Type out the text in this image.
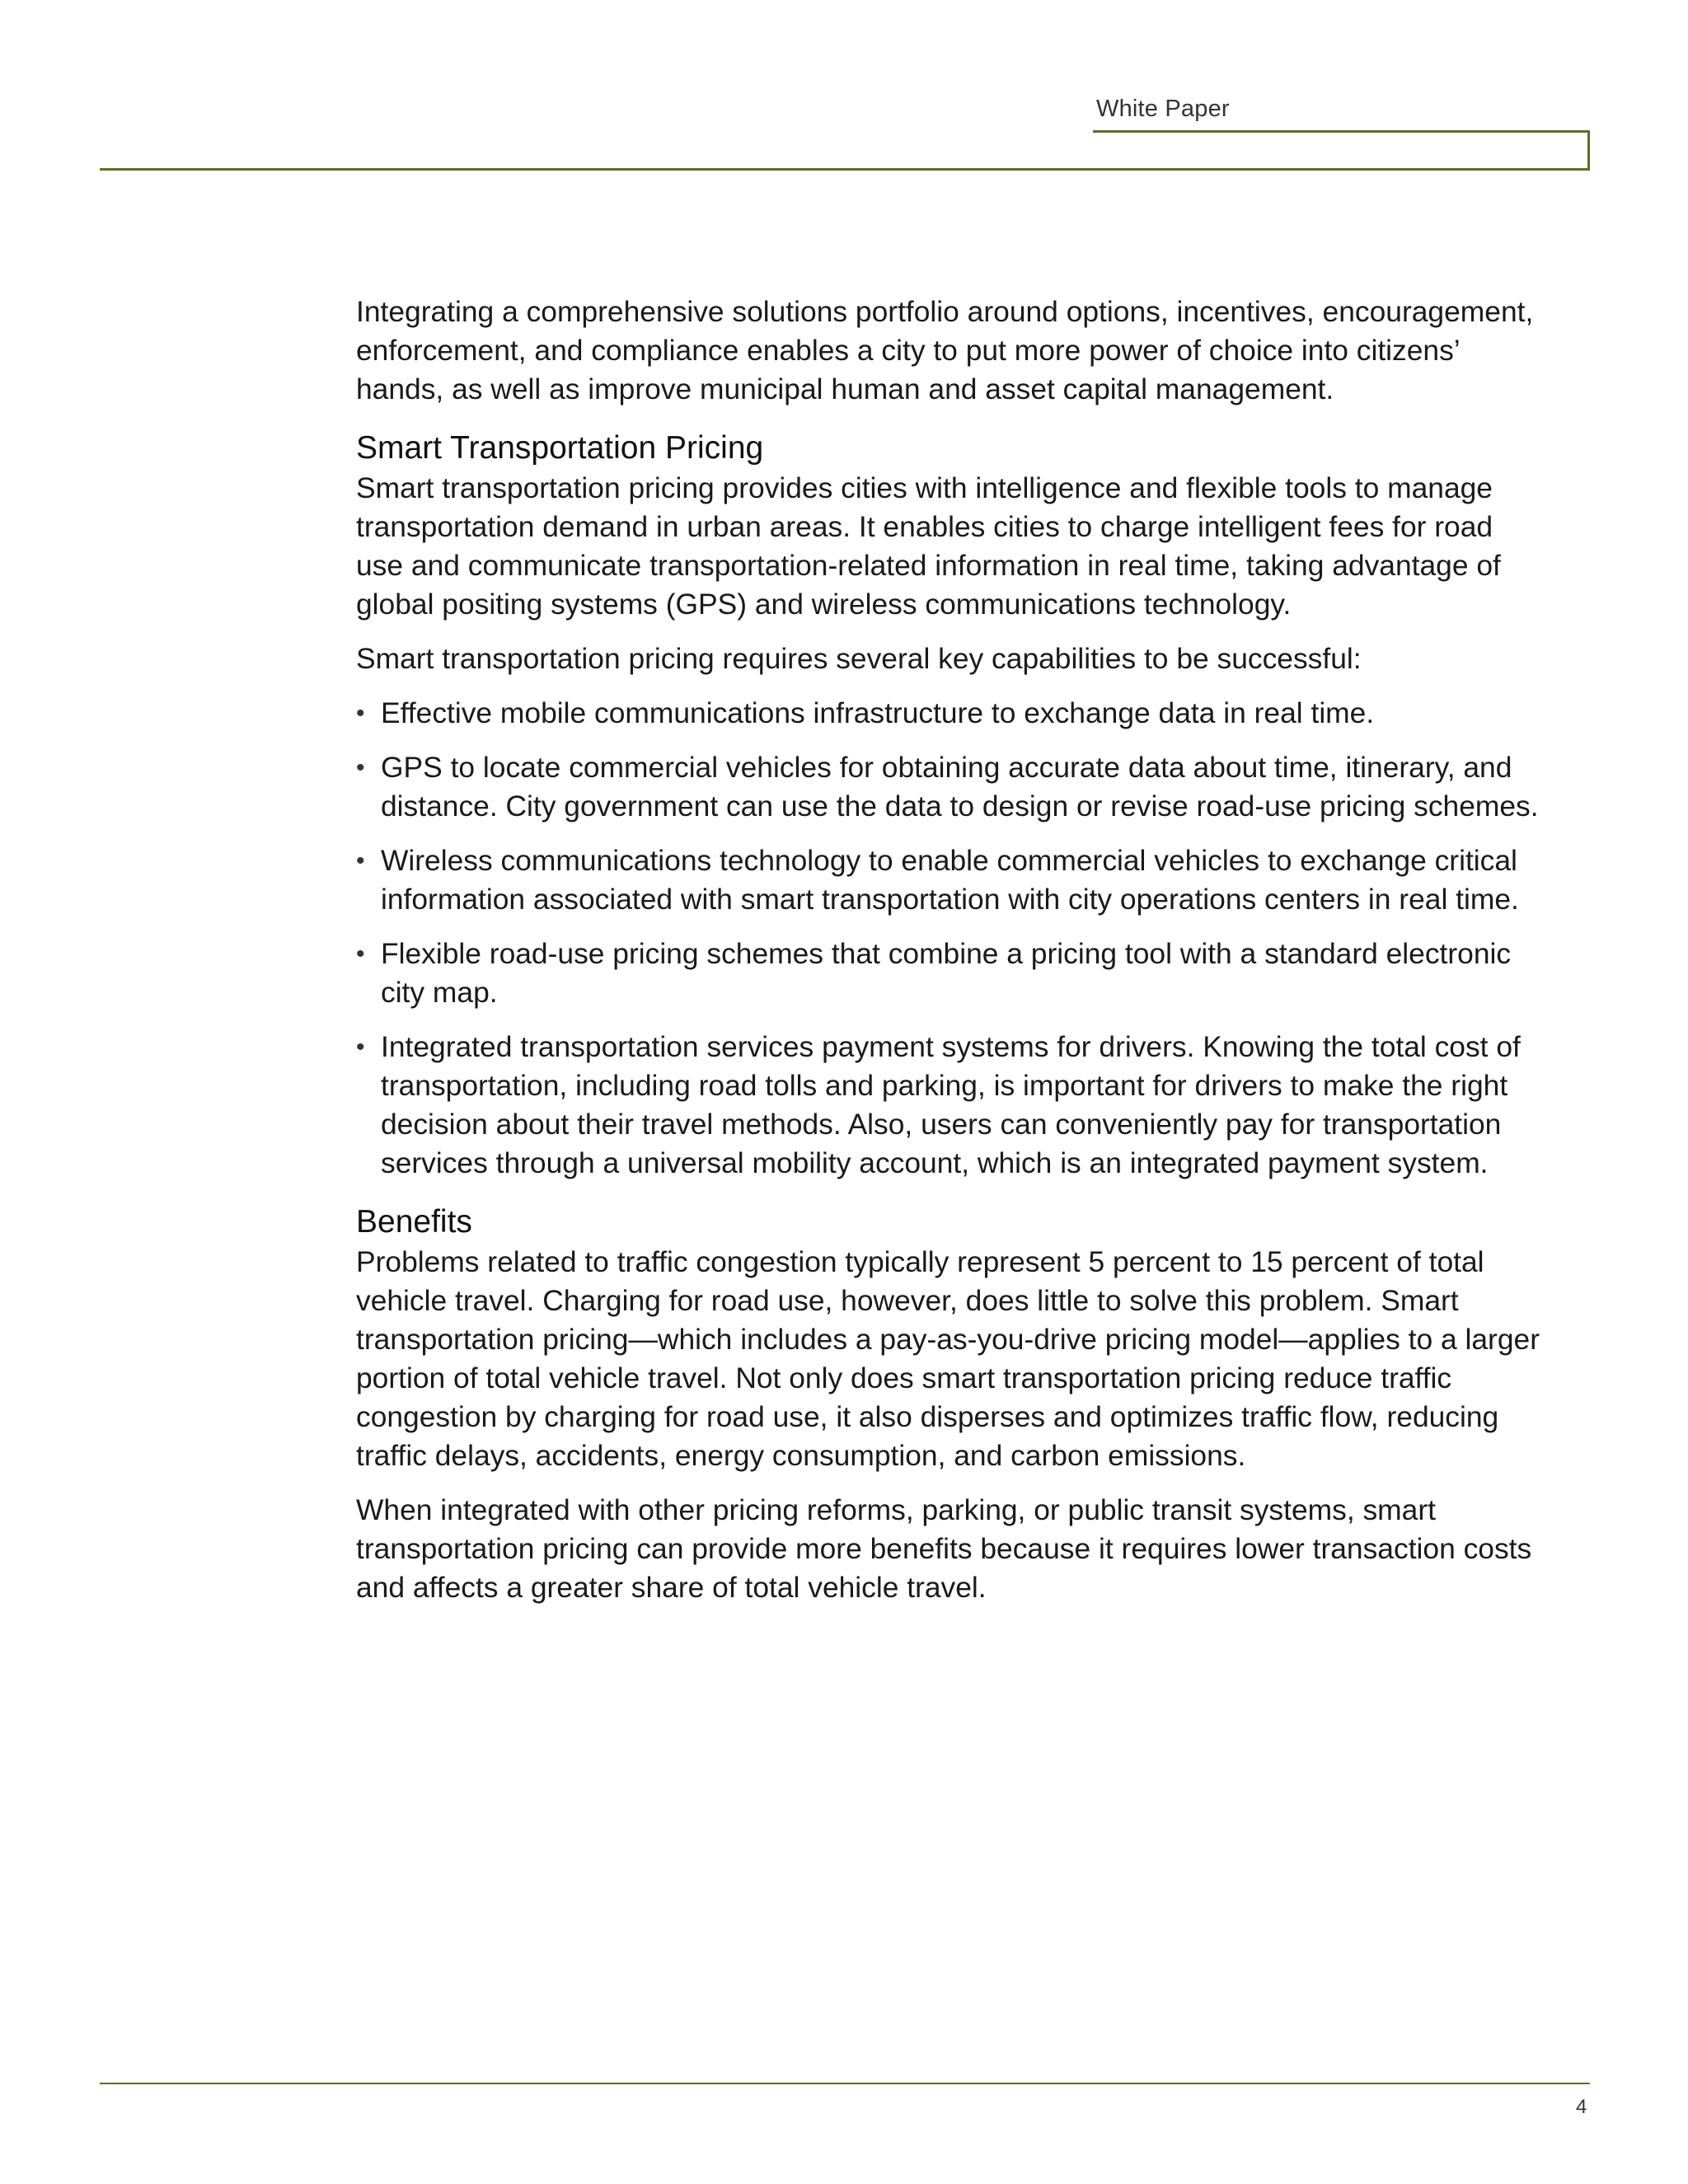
White Paper

Integrating a comprehensive solutions portfolio around options, incentives, encouragement, enforcement, and compliance enables a city to put more power of choice into citizens’ hands, as well as improve municipal human and asset capital management.

Smart Transportation Pricing

Smart transportation pricing provides cities with intelligence and flexible tools to manage transportation demand in urban areas. It enables cities to charge intelligent fees for road use and communicate transportation-related information in real time, taking advantage of global positing systems (GPS) and wireless communications technology.

Smart transportation pricing requires several key capabilities to be successful:

• Effective mobile communications infrastructure to exchange data in real time.
• GPS to locate commercial vehicles for obtaining accurate data about time, itinerary, and distance. City government can use the data to design or revise road-use pricing schemes.
• Wireless communications technology to enable commercial vehicles to exchange critical information associated with smart transportation with city operations centers in real time.
• Flexible road-use pricing schemes that combine a pricing tool with a standard electronic city map.
• Integrated transportation services payment systems for drivers. Knowing the total cost of transportation, including road tolls and parking, is important for drivers to make the right decision about their travel methods. Also, users can conveniently pay for transportation services through a universal mobility account, which is an integrated payment system.
Benefits

Problems related to traffic congestion typically represent 5 percent to 15 percent of total vehicle travel. Charging for road use, however, does little to solve this problem. Smart transportation pricing—which includes a pay-as-you-drive pricing model—applies to a larger portion of total vehicle travel. Not only does smart transportation pricing reduce traffic congestion by charging for road use, it also disperses and optimizes traffic flow, reducing traffic delays, accidents, energy consumption, and carbon emissions.

When integrated with other pricing reforms, parking, or public transit systems, smart transportation pricing can provide more benefits because it requires lower transaction costs and affects a greater share of total vehicle travel.

4
